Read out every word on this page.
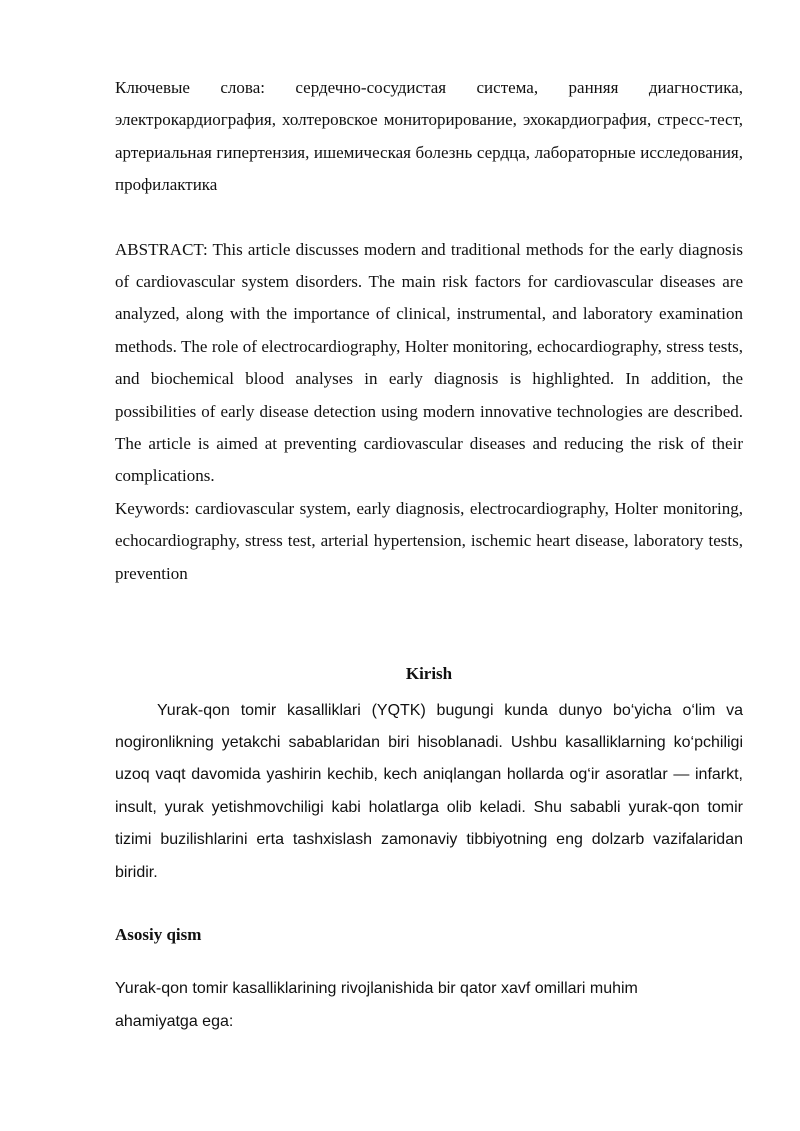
Ключевые слова: сердечно-сосудистая система, ранняя диагностика, электрокардиография, холтеровское мониторирование, эхокардиография, стресс-тест, артериальная гипертензия, ишемическая болезнь сердца, лабораторные исследования, профилактика

ABSTRACT: This article discusses modern and traditional methods for the early diagnosis of cardiovascular system disorders. The main risk factors for cardiovascular diseases are analyzed, along with the importance of clinical, instrumental, and laboratory examination methods. The role of electrocardiography, Holter monitoring, echocardiography, stress tests, and biochemical blood analyses in early diagnosis is highlighted. In addition, the possibilities of early disease detection using modern innovative technologies are described. The article is aimed at preventing cardiovascular diseases and reducing the risk of their complications.

Keywords: cardiovascular system, early diagnosis, electrocardiography, Holter monitoring, echocardiography, stress test, arterial hypertension, ischemic heart disease, laboratory tests, prevention

Kirish

Yurak-qon tomir kasalliklari (YQTK) bugungi kunda dunyo bo‘yicha o‘lim va nogironlikning yetakchi sabablaridan biri hisoblanadi. Ushbu kasalliklarning ko‘pchiligi uzoq vaqt davomida yashirin kechib, kech aniqlangan hollarda og‘ir asoratlar — infarkt, insult, yurak yetishmovchiligi kabi holatlarga olib keladi. Shu sababli yurak-qon tomir tizimi buzilishlarini erta tashxislash zamonaviy tibbiyotning eng dolzarb vazifalaridan biridir.

Asosiy qism

Yurak-qon tomir kasalliklarining rivojlanishida bir qator xavf omillari muhim ahamiyatga ega:
